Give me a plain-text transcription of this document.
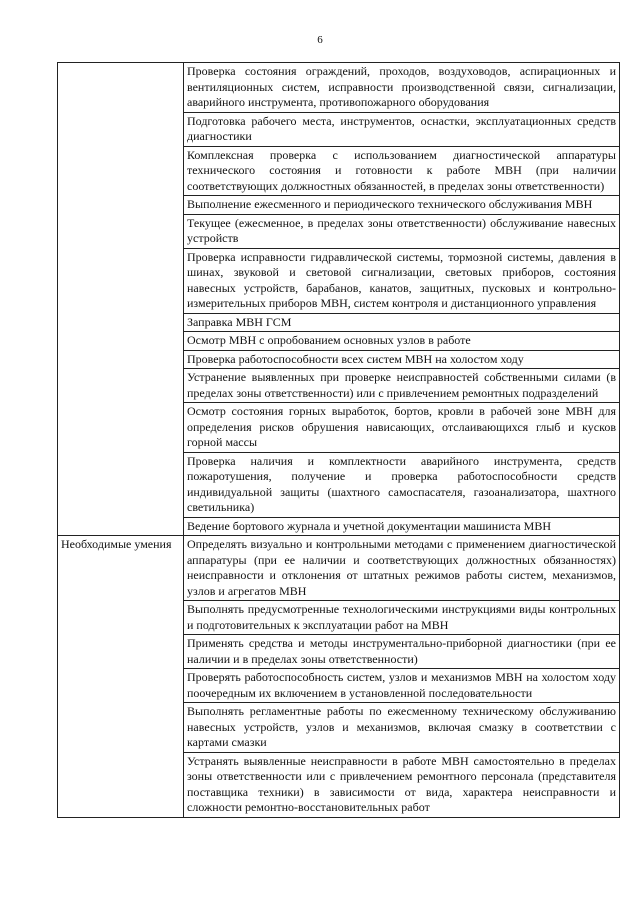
6
	Проверка состояния ограждений, проходов, воздуховодов, аспирационных и вентиляционных систем, исправности производственной связи, сигнализации, аварийного инструмента, противопожарного оборудования
	Подготовка рабочего места, инструментов, оснастки, эксплуатационных средств диагностики
	Комплексная проверка с использованием диагностической аппаратуры технического состояния и готовности к работе МВН (при наличии соответствующих должностных обязанностей, в пределах зоны ответственности)
	Выполнение ежесменного и периодического технического обслуживания МВН
	Текущее (ежесменное, в пределах зоны ответственности) обслуживание навесных устройств
	Проверка исправности гидравлической системы, тормозной системы, давления в шинах, звуковой и световой сигнализации, световых приборов, состояния навесных устройств, барабанов, канатов, защитных, пусковых и контрольно-измерительных приборов МВН, систем контроля и дистанционного управления
	Заправка МВН ГСМ
	Осмотр МВН с опробованием основных узлов в работе
	Проверка работоспособности всех систем МВН на холостом ходу
	Устранение выявленных при проверке неисправностей собственными силами (в пределах зоны ответственности) или с привлечением ремонтных подразделений
	Осмотр состояния горных выработок, бортов, кровли в рабочей зоне МВН для определения рисков обрушения нависающих, отслаивающихся глыб и кусков горной массы
	Проверка наличия и комплектности аварийного инструмента, средств пожаротушения, получение и проверка работоспособности средств индивидуальной защиты (шахтного самоспасателя, газоанализатора, шахтного светильника)
	Ведение бортового журнала и учетной документации машиниста МВН
Необходимые умения	Определять визуально и контрольными методами с применением диагностической аппаратуры (при ее наличии и соответствующих должностных обязанностях) неисправности и отклонения от штатных режимов работы систем, механизмов, узлов и агрегатов МВН
	Выполнять предусмотренные технологическими инструкциями виды контрольных и подготовительных к эксплуатации работ на МВН
	Применять средства и методы инструментально-приборной диагностики (при ее наличии и в пределах зоны ответственности)
	Проверять работоспособность систем, узлов и механизмов МВН на холостом ходу поочередным их включением в установленной последовательности
	Выполнять регламентные работы по ежесменному техническому обслуживанию навесных устройств, узлов и механизмов, включая смазку в соответствии с картами смазки
	Устранять выявленные неисправности в работе МВН самостоятельно в пределах зоны ответственности или с привлечением ремонтного персонала (представителя поставщика техники) в зависимости от вида, характера неисправности и сложности ремонтно-восстановительных работ
